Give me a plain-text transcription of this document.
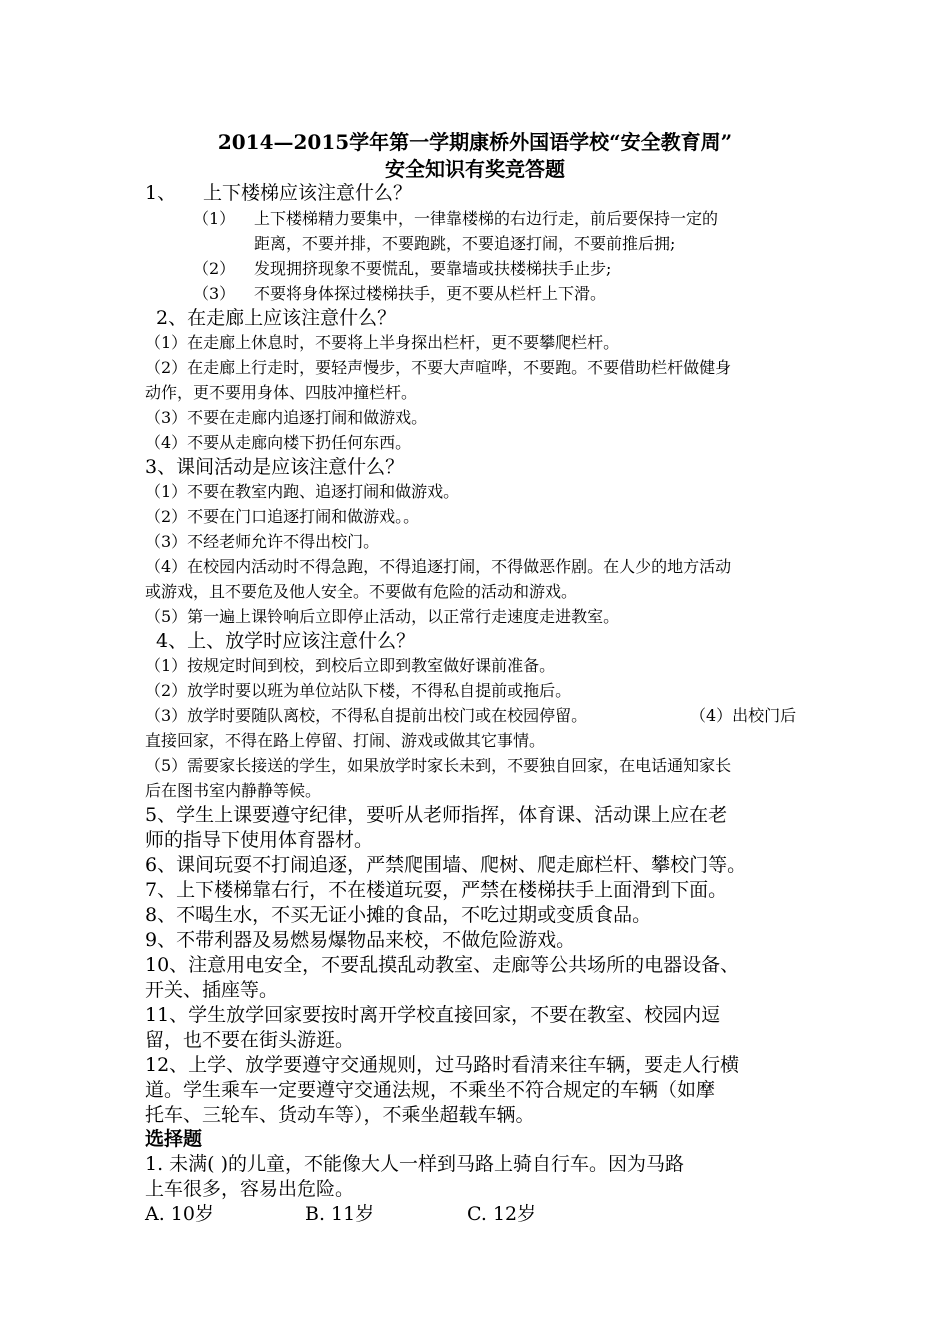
2014—2015学年第一学期康桥外国语学校“安全教育周”
安全知识有奖竞答题
1、 上下楼梯应该注意什么？
（1） 上下楼梯精力要集中，一律靠楼梯的右边行走，前后要保持一定的
距离，不要并排，不要跑跳，不要追逐打闹，不要前推后拥;
（2） 发现拥挤现象不要慌乱，要靠墙或扶楼梯扶手止步;
（3） 不要将身体探过楼梯扶手，更不要从栏杆上下滑。
2、在走廊上应该注意什么？
（1）在走廊上休息时，不要将上半身探出栏杆，更不要攀爬栏杆。
（2）在走廊上行走时，要轻声慢步，不要大声喧哗，不要跑。不要借助栏杆做健身
动作，更不要用身体、四肢冲撞栏杆。
（3）不要在走廊内追逐打闹和做游戏。
（4）不要从走廊向楼下扔任何东西。
3、课间活动是应该注意什么？
（1）不要在教室内跑、追逐打闹和做游戏。
（2）不要在门口追逐打闹和做游戏。。
（3）不经老师允许不得出校门。
（4）在校园内活动时不得急跑，不得追逐打闹，不得做恶作剧。在人少的地方活动
或游戏，且不要危及他人安全。不要做有危险的活动和游戏。
（5）第一遍上课铃响后立即停止活动，以正常行走速度走进教室。
4、上、放学时应该注意什么？
（1）按规定时间到校，到校后立即到教室做好课前准备。
（2）放学时要以班为单位站队下楼，不得私自提前或拖后。
（3）放学时要随队离校，不得私自提前出校门或在校园停留。	（4）出校门后
直接回家，不得在路上停留、打闹、游戏或做其它事情。
（5）需要家长接送的学生，如果放学时家长未到，不要独自回家，在电话通知家长
后在图书室内静静等候。
5、学生上课要遵守纪律，要听从老师指挥，体育课、活动课上应在老
师的指导下使用体育器材。
6、课间玩耍不打闹追逐，严禁爬围墙、爬树、爬走廊栏杆、攀校门等。
7、上下楼梯靠右行，不在楼道玩耍，严禁在楼梯扶手上面滑到下面。
8、不喝生水，不买无证小摊的食品，不吃过期或变质食品。
9、不带利器及易燃易爆物品来校，不做危险游戏。
10、注意用电安全，不要乱摸乱动教室、走廊等公共场所的电器设备、
开关、插座等。
11、学生放学回家要按时离开学校直接回家，不要在教室、校园内逗
留，也不要在街头游逛。
12、上学、放学要遵守交通规则，过马路时看清来往车辆，要走人行横
道。学生乘车一定要遵守交通法规，不乘坐不符合规定的车辆（如摩
托车、三轮车、货动车等），不乘坐超载车辆。
选择题
1. 未满( )的儿童，不能像大人一样到马路上骑自行车。因为马路
上车很多，容易出危险。
A. 10岁	B. 11岁	C. 12岁
